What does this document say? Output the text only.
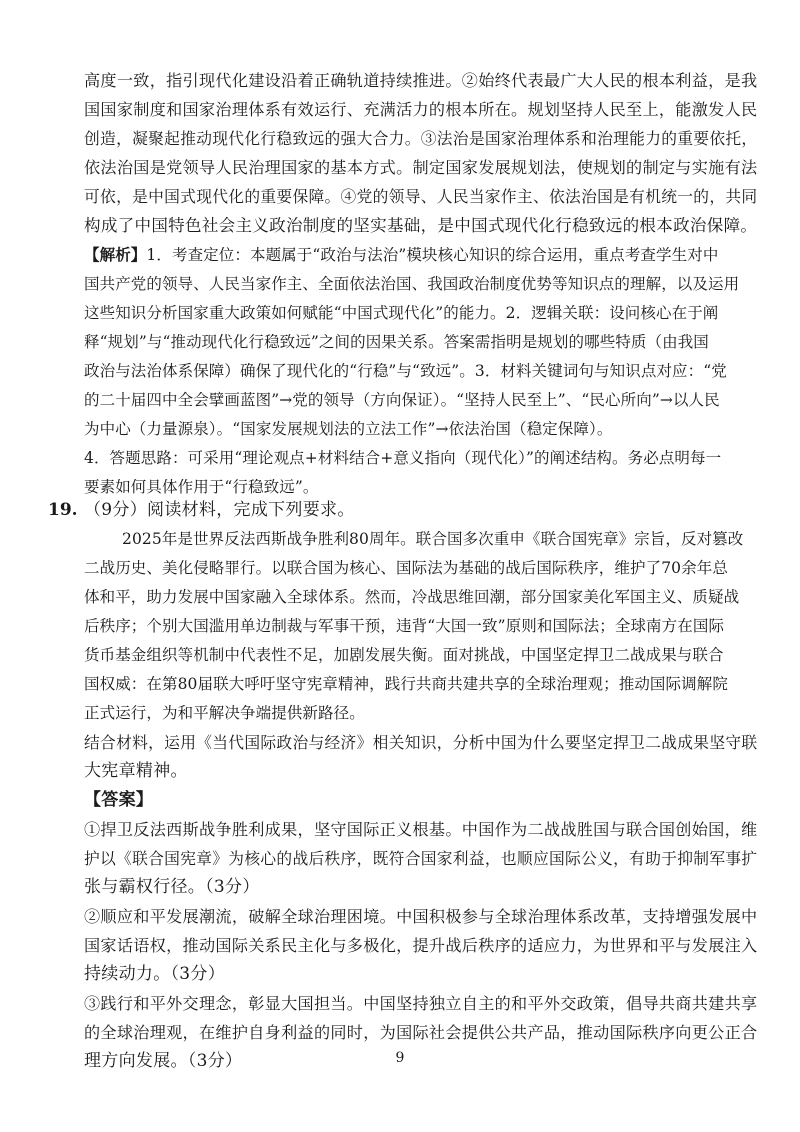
高度一致，指引现代化建设沿着正确轨道持续推进。②始终代表最广大人民的根本利益，是我
国国家制度和国家治理体系有效运行、充满活力的根本所在。规划坚持人民至上，能激发人民
创造，凝聚起推动现代化行稳致远的强大合力。③法治是国家治理体系和治理能力的重要依托，
依法治国是党领导人民治理国家的基本方式。制定国家发展规划法，使规划的制定与实施有法
可依，是中国式现代化的重要保障。④党的领导、人民当家作主、依法治国是有机统一的，共同
构成了中国特色社会主义政治制度的坚实基础，是中国式现代化行稳致远的根本政治保障。
【解析】1．考查定位：本题属于“政治与法治”模块核心知识的综合运用，重点考查学生对中
国共产党的领导、人民当家作主、全面依法治国、我国政治制度优势等知识点的理解，以及运用
这些知识分析国家重大政策如何赋能“中国式现代化”的能力。2．逻辑关联：设问核心在于阐
释“规划”与“推动现代化行稳致远”之间的因果关系。答案需指明是规划的哪些特质（由我国
政治与法治体系保障）确保了现代化的“行稳”与“致远”。3．材料关键词句与知识点对应：“党
的二十届四中全会擘画蓝图”→党的领导（方向保证）。“坚持人民至上”、“民心所向”→以人民
为中心（力量源泉）。“国家发展规划法的立法工作”→依法治国（稳定保障）。
4．答题思路：可采用“理论观点+材料结合+意义指向（现代化）”的阐述结构。务必点明每一
要素如何具体作用于“行稳致远”。
19. （9分）阅读材料，完成下列要求。
2025年是世界反法西斯战争胜利80周年。联合国多次重申《联合国宪章》宗旨，反对篡改
二战历史、美化侵略罪行。以联合国为核心、国际法为基础的战后国际秩序，维护了70余年总
体和平，助力发展中国家融入全球体系。然而，冷战思维回潮，部分国家美化军国主义、质疑战
后秩序；个别大国滥用单边制裁与军事干预，违背“大国一致”原则和国际法；全球南方在国际
货币基金组织等机制中代表性不足，加剧发展失衡。面对挑战，中国坚定捍卫二战成果与联合
国权威：在第80届联大呼吁坚守宪章精神，践行共商共建共享的全球治理观；推动国际调解院
正式运行，为和平解决争端提供新路径。
结合材料，运用《当代国际政治与经济》相关知识，分析中国为什么要坚定捍卫二战成果坚守联
大宪章精神。
【答案】
①捍卫反法西斯战争胜利成果，坚守国际正义根基。中国作为二战战胜国与联合国创始国，维
护以《联合国宪章》为核心的战后秩序，既符合国家利益，也顺应国际公义，有助于抑制军事扩
张与霸权行径。（3分）
②顺应和平发展潮流，破解全球治理困境。中国积极参与全球治理体系改革，支持增强发展中
国家话语权，推动国际关系民主化与多极化，提升战后秩序的适应力，为世界和平与发展注入
持续动力。（3分）
③践行和平外交理念，彰显大国担当。中国坚持独立自主的和平外交政策，倡导共商共建共享
的全球治理观，在维护自身利益的同时，为国际社会提供公共产品，推动国际秩序向更公正合
理方向发展。（3分）	9
